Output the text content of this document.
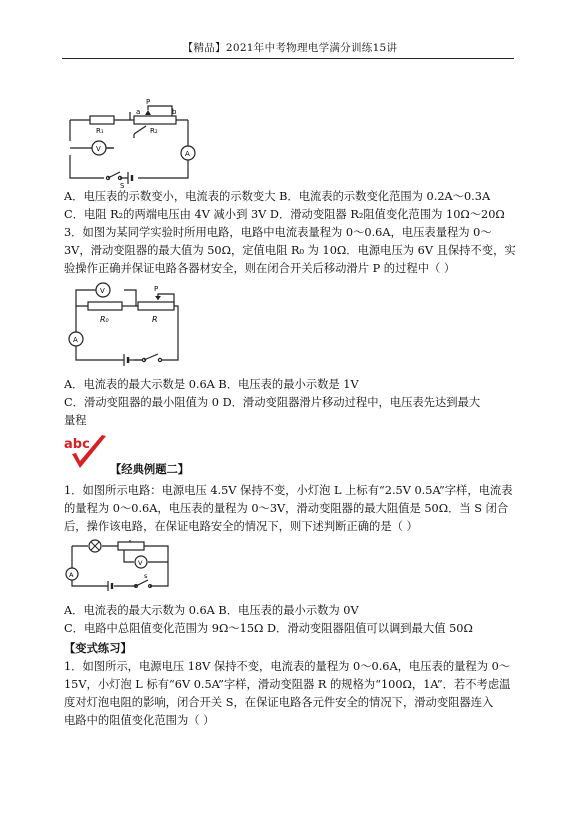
【精品】2021年中考物理电学满分训练15讲
R₁
P
a	b
R₂
V
A
S
A．电压表的示数变小，电流表的示数变大 B．电流表的示数变化范围为 0.2A～0.3A
C．电阻 R₂的两端电压由 4V 减小到 3V D．滑动变阻器 R₂阻值变化范围为 10Ω～20Ω
3．如图为某同学实验时所用电路，电路中电流表量程为 0～0.6A，电压表量程为 0～
3V，滑动变阻器的最大值为 50Ω，定值电阻 R₀ 为 10Ω．电源电压为 6V 且保持不变，实
验操作正确并保证电路各器材安全，则在闭合开关后移动滑片 P 的过程中（ ）
V	P
A
R₀	R
A．电流表的最大示数是 0.6A B．电压表的最小示数是 1V
C．滑动变阻器的最小阻值为 0 D．滑动变阻器滑片移动过程中，电压表先达到最大
量程
abc
【经典例题二】
1．如图所示电路：电源电压 4.5V 保持不变，小灯泡 L 上标有“2.5V 0.5A”字样，电流表
的量程为 0～0.6A，电压表的量程为 0～3V，滑动变阻器的最大阻值是 50Ω．当 S 闭合
后，操作该电路，在保证电路安全的情况下，则下述判断正确的是（ ）
A
V
s
A．电流表的最大示数为 0.6A B．电压表的最小示数为 0V
C．电路中总阻值变化范围为 9Ω～15Ω D．滑动变阻器阻值可以调到最大值 50Ω
【变式练习】
1．如图所示，电源电压 18V 保持不变，电流表的量程为 0～0.6A，电压表的量程为 0～
15V，小灯泡 L 标有“6V 0.5A”字样，滑动变阻器 R 的规格为“100Ω，1A”．若不考虑温
度对灯泡电阻的影响，闭合开关 S，在保证电路各元件安全的情况下，滑动变阻器连入
电路中的阻值变化范围为（ ）
